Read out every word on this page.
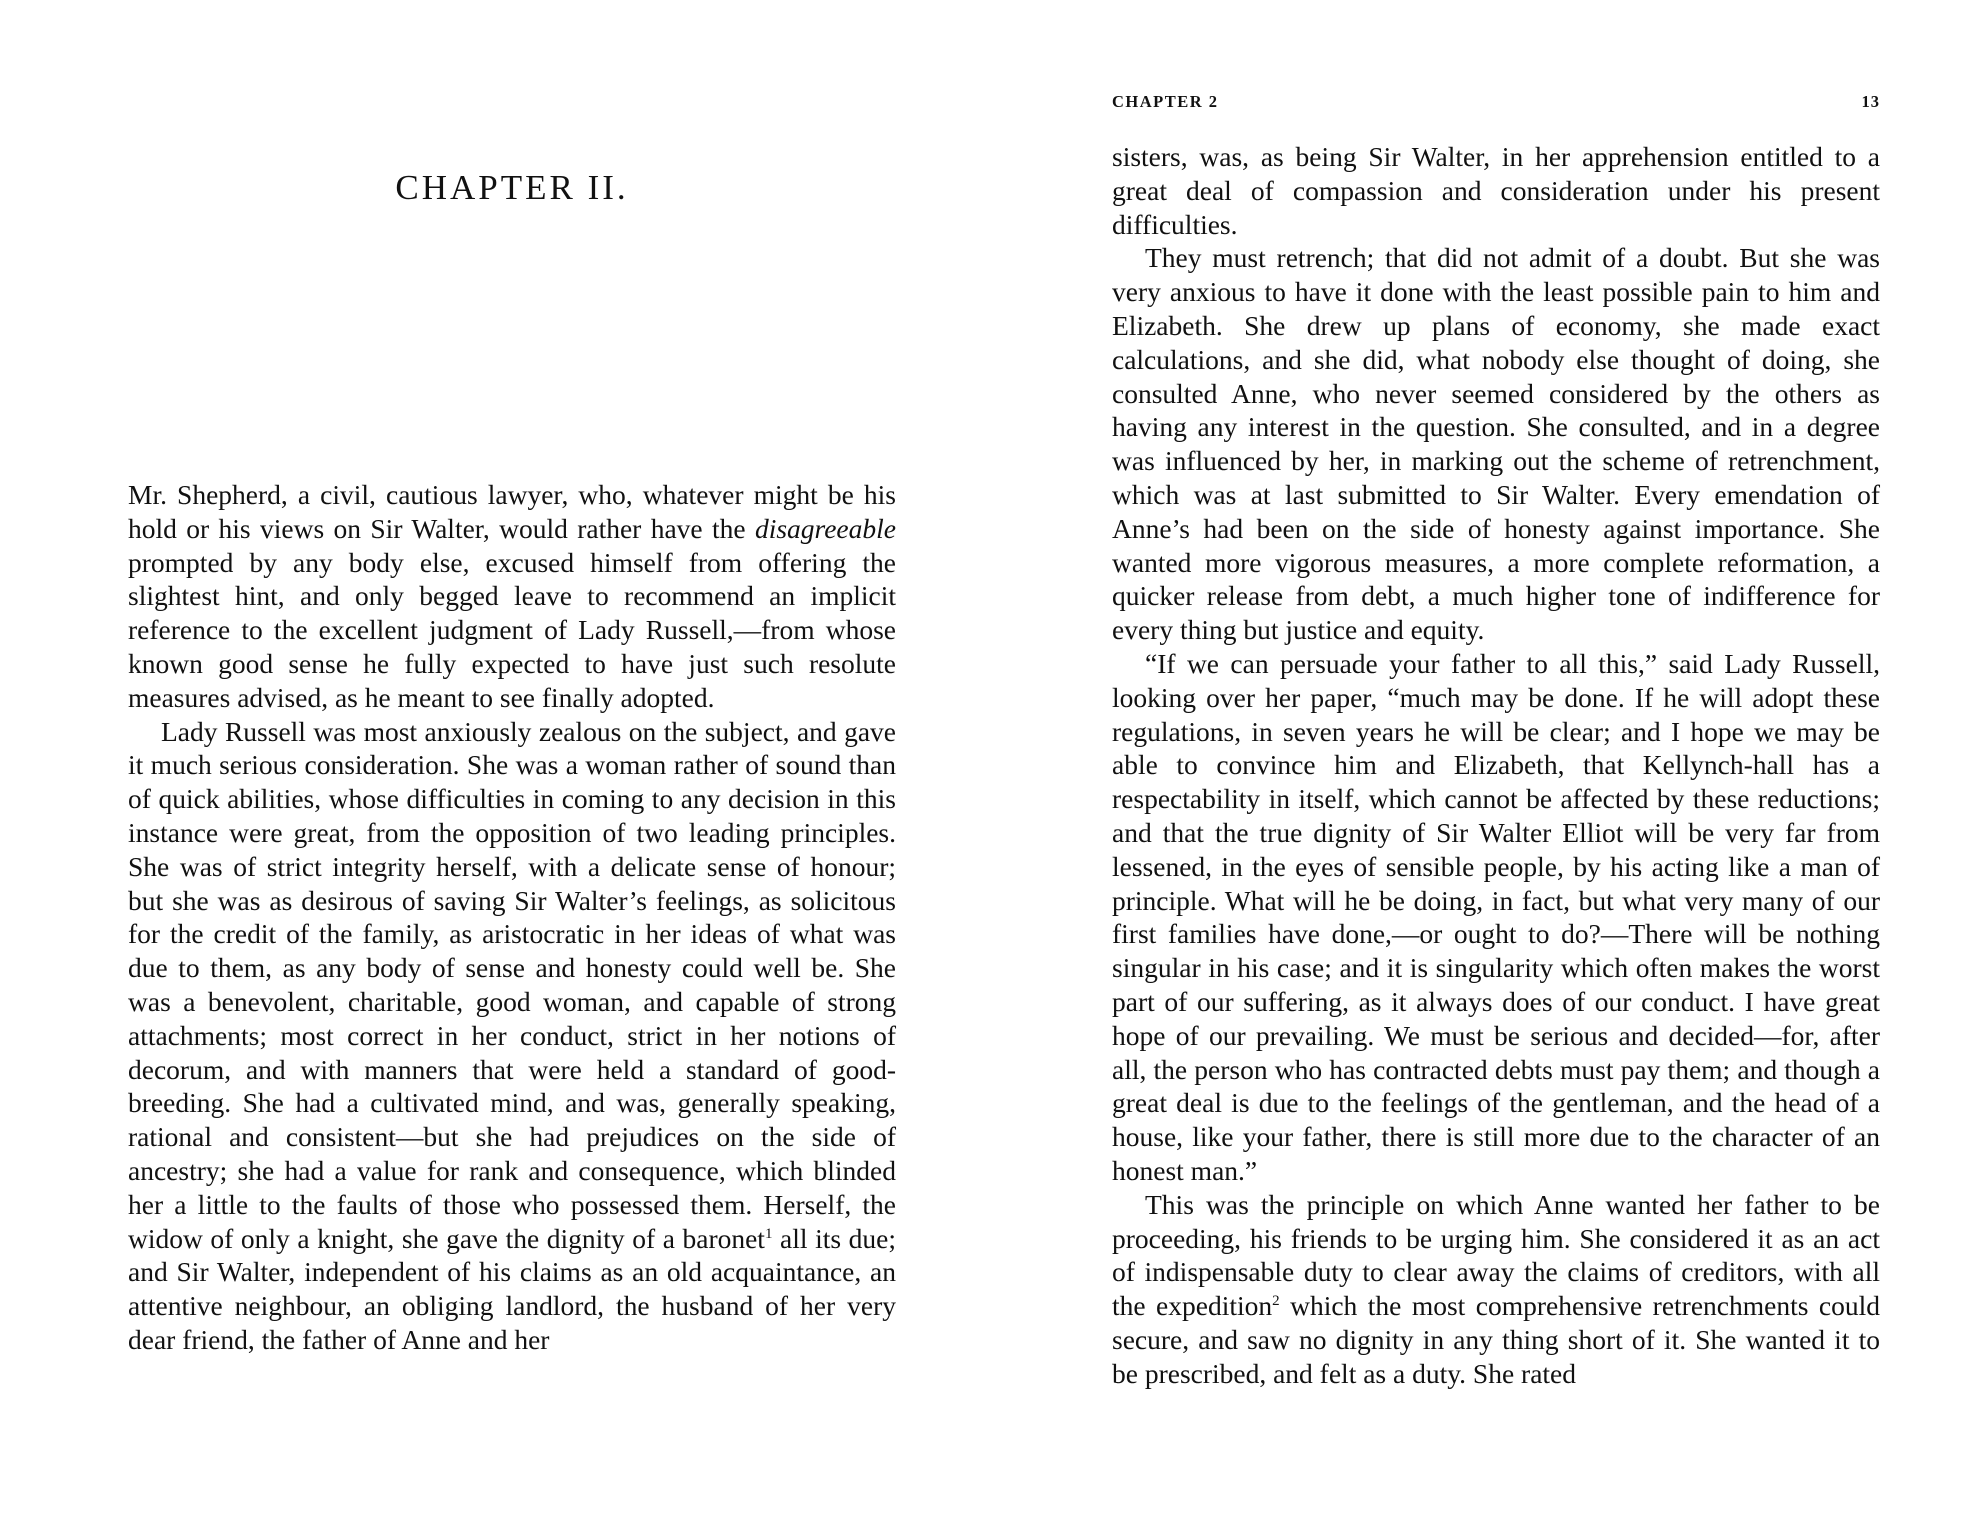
CHAPTER II.

Mr. Shepherd, a civil, cautious lawyer, who, whatever might be his hold or his views on Sir Walter, would rather have the disagreeable prompted by any body else, excused himself from offering the slightest hint, and only begged leave to recommend an implicit reference to the excellent judgment of Lady Russell,—from whose known good sense he fully expected to have just such resolute measures advised, as he meant to see finally adopted.

Lady Russell was most anxiously zealous on the subject, and gave it much serious consideration. She was a woman rather of sound than of quick abilities, whose difficulties in coming to any decision in this instance were great, from the opposition of two leading principles. She was of strict integrity herself, with a delicate sense of honour; but she was as desirous of saving Sir Walter’s feelings, as solicitous for the credit of the family, as aristocratic in her ideas of what was due to them, as any body of sense and honesty could well be. She was a benevolent, charitable, good woman, and capable of strong attachments; most correct in her conduct, strict in her notions of decorum, and with manners that were held a standard of good-breeding. She had a cultivated mind, and was, generally speaking, rational and consistent—but she had prejudices on the side of ancestry; she had a value for rank and consequence, which blinded her a little to the faults of those who possessed them. Herself, the widow of only a knight, she gave the dignity of a baronet$^1$ all its due; and Sir Walter, independent of his claims as an old acquaintance, an attentive neighbour, an obliging landlord, the husband of her very dear friend, the father of Anne and her

CHAPTER 2	13

sisters, was, as being Sir Walter, in her apprehension entitled to a great deal of compassion and consideration under his present difficulties.

They must retrench; that did not admit of a doubt. But she was very anxious to have it done with the least possible pain to him and Elizabeth. She drew up plans of economy, she made exact calculations, and she did, what nobody else thought of doing, she consulted Anne, who never seemed considered by the others as having any interest in the question. She consulted, and in a degree was influenced by her, in marking out the scheme of retrenchment, which was at last submitted to Sir Walter. Every emendation of Anne’s had been on the side of honesty against importance. She wanted more vigorous measures, a more complete reformation, a quicker release from debt, a much higher tone of indifference for every thing but justice and equity.

“If we can persuade your father to all this,” said Lady Russell, looking over her paper, “much may be done. If he will adopt these regulations, in seven years he will be clear; and I hope we may be able to convince him and Elizabeth, that Kellynch-hall has a respectability in itself, which cannot be affected by these reductions; and that the true dignity of Sir Walter Elliot will be very far from lessened, in the eyes of sensible people, by his acting like a man of principle. What will he be doing, in fact, but what very many of our first families have done,—or ought to do?—There will be nothing singular in his case; and it is singularity which often makes the worst part of our suffering, as it always does of our conduct. I have great hope of our prevailing. We must be serious and decided—for, after all, the person who has contracted debts must pay them; and though a great deal is due to the feelings of the gentleman, and the head of a house, like your father, there is still more due to the character of an honest man.”

This was the principle on which Anne wanted her father to be proceeding, his friends to be urging him. She considered it as an act of indispensable duty to clear away the claims of creditors, with all the expedition$^2$ which the most comprehensive retrenchments could secure, and saw no dignity in any thing short of it. She wanted it to be prescribed, and felt as a duty. She rated
